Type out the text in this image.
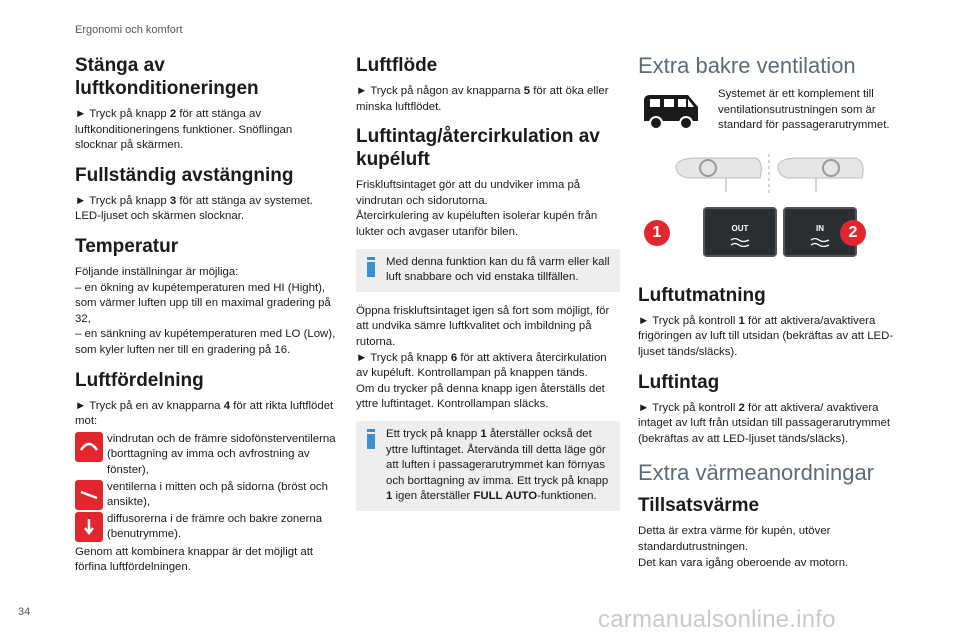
Ergonomi och komfort
Stänga av luftkonditioneringen

► Tryck på knapp 2 för att stänga av luftkonditioneringens funktioner. Snöflingan slocknar på skärmen.

Fullständig avstängning

► Tryck på knapp 3 för att stänga av systemet. LED-ljuset och skärmen slocknar.

Temperatur

Följande inställningar är möjliga:

– en ökning av kupétemperaturen med HI (Hight), som värmer luften upp till en maximal gradering på 32,

– en sänkning av kupétemperaturen med LO (Low), som kyler luften ner till en gradering på 16.

Luftfördelning

► Tryck på en av knapparna 4 för att rikta luftflödet mot:

vindrutan och de främre sidofönsterventilerna (borttagning av imma och avfrostning av fönster),

ventilerna i mitten och på sidorna (bröst och ansikte),

diffusorerna i de främre och bakre zonerna (benutrymme).

Genom att kombinera knappar är det möjligt att förfina luftfördelningen.

Luftflöde

► Tryck på någon av knapparna 5 för att öka eller minska luftflödet.

Luftintag/återcirkulation av kupéluft

Friskluftsintaget gör att du undviker imma på vindrutan och sidorutorna.

Återcirkulering av kupéluften isolerar kupén från lukter och avgaser utanför bilen.

Med denna funktion kan du få varm eller kall luft snabbare och vid enstaka tillfällen.

Öppna friskluftsintaget igen så fort som möjligt, för att undvika sämre luftkvalitet och imbildning på rutorna.

► Tryck på knapp 6 för att aktivera återcirkulation av kupéluft. Kontrollampan på knappen tänds.

Om du trycker på denna knapp igen återställs det yttre luftintaget. Kontrollampan släcks.

Ett tryck på knapp 1 återställer också det yttre luftintaget. Återvända till detta läge gör att luften i passagerarutrymmet kan förnyas och borttagning av imma. Ett tryck på knapp 1 igen återställer FULL AUTO-funktionen.

Extra bakre ventilation

Systemet är ett komplement till ventilationsutrustningen som är standard för passagerarutrymmet.

OUT	IN
1	2
Luftutmatning

► Tryck på kontroll 1 för att aktivera/avaktivera frigöringen av luft till utsidan (bekräftas av att LED-ljuset tänds/släcks).

Luftintag

► Tryck på kontroll 2 för att aktivera/ avaktivera intaget av luft från utsidan till passagerarutrymmet (bekräftas av att LED-ljuset tänds/släcks).

Extra värmeanordningar
Tillsatsvärme

Detta är extra värme för kupén, utöver standardutrustningen.

Det kan vara igång oberoende av motorn.

34	carmanualsonline.info
